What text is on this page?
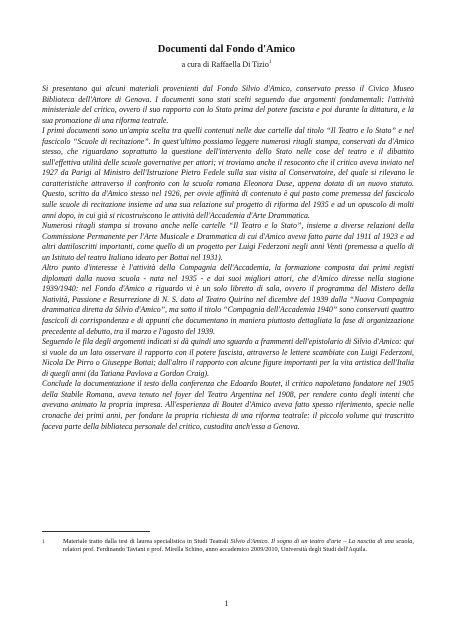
Documenti dal Fondo d'Amico
a cura di Raffaella Di Tizio$^1$

Si presentano qui alcuni materiali provenienti dal Fondo Silvio d'Amico, conservato presso il Civico Museo Biblioteca dell'Attore di Genova. I documenti sono stati scelti seguendo due argomenti fondamentali: l'attività ministeriale del critico, ovvero il suo rapporto con lo Stato prima del potere fascista e poi durante la dittatura, e la sua promozione di una riforma teatrale.

I primi documenti sono un'ampia scelta tra quelli contenuti nelle due cartelle dal titolo “Il Teatro e lo Stato” e nel fascicolo “Scuole di recitazione”. In quest'ultimo possiamo leggere numerosi ritagli stampa, conservati da d'Amico stesso, che riguardano soprattutto la questione dell'intervento dello Stato nelle cose del teatro e il dibattito sull'effettiva utilità delle scuole governative per attori; vi troviamo anche il resoconto che il critico aveva inviato nel 1927 da Parigi al Ministro dell'Istruzione Pietro Fedele sulla sua visita al Conservatoire, del quale si rilevano le caratteristiche attraverso il confronto con la scuola romana Eleonora Duse, appena dotata di un nuovo statuto. Questo, scritto da d'Amico stesso nel 1926, per ovvie affinità di contenuto è qui posto come premessa del fascicolo sulle scuole di recitazione insieme ad una sua relazione sul progetto di riforma del 1935 e ad un opuscolo di molti anni dopo, in cui già si ricostruiscono le attività dell'Accademia d'Arte Drammatica.

Numerosi ritagli stampa si trovano anche nelle cartelle “Il Teatro e lo Stato”, insieme a diverse relazioni della Commissione Permanente per l'Arte Musicale e Drammatica di cui d'Amico aveva fatto parte dal 1911 al 1923 e ad altri dattiloscritti importanti, come quello di un progetto per Luigi Federzoni negli anni Venti (premessa a quello di un Istituto del teatro Italiano ideato per Bottai nel 1931).

Altro punto d'interesse è l'attività della Compagnia dell'Accademia, la formazione composta dai primi registi diplomati dalla nuova scuola - nata nel 1935 - e dai suoi migliori attori, che d'Amico diresse nella stagione 1939/1940: nel Fondo d'Amico a riguardo vi è un solo libretto di sala, ovvero il programma del Mistero della Natività, Passione e Resurrezione di N. S. dato al Teatro Quirino nel dicembre del 1939 dalla “Nuova Compagnia drammatica diretta da Silvio d'Amico”, ma sotto il titolo “Compagnia dell'Accademia 1940” sono conservati quattro fascicoli di corrispondenza e di appunti che documentano in maniera piuttosto dettagliata la fase di organizzazione precedente al debutto, tra il marzo e l'agosto del 1939.

Seguendo le fila degli argomenti indicati si dà quindi uno sguardo a frammenti dell'epistolario di Silvio d'Amico: qui si vuole da un lato osservare il rapporto con il potere fascista, attraverso le lettere scambiate con Luigi Federzoni, Nicola De Pirro o Giuseppe Bottai; dall'altro il rapporto con alcune figure importanti per la vita artistica dell'Italia di quegli anni (da Tatiana Pavlova a Gordon Craig).

Conclude la documentazione il testo della conferenza che Edoardo Boutet, il critico napoletano fondatore nel 1905 della Stabile Romana, aveva tenuto nel foyer del Teatro Argentina nel 1908, per rendere conto degli intenti che avevano animato la propria impresa. All'esperienza di Boutet d'Amico aveva fatto spesso riferimento, specie nelle cronache dei primi anni, per fondare la propria richiesta di una riforma teatrale: il piccolo volume qui trascritto faceva parte della biblioteca personale del critico, custodita anch'essa a Genova.

1	Materiale tratto dalla tesi di laurea specialistica in Studi Teatrali Silvio d'Amico. Il sogno di un teatro d'arte – La nascita di una scuola, relatori prof. Ferdinando Taviani e prof. Mirella Schino, anno accademico 2009/2010, Università degli Studi dell'Aquila.
1
